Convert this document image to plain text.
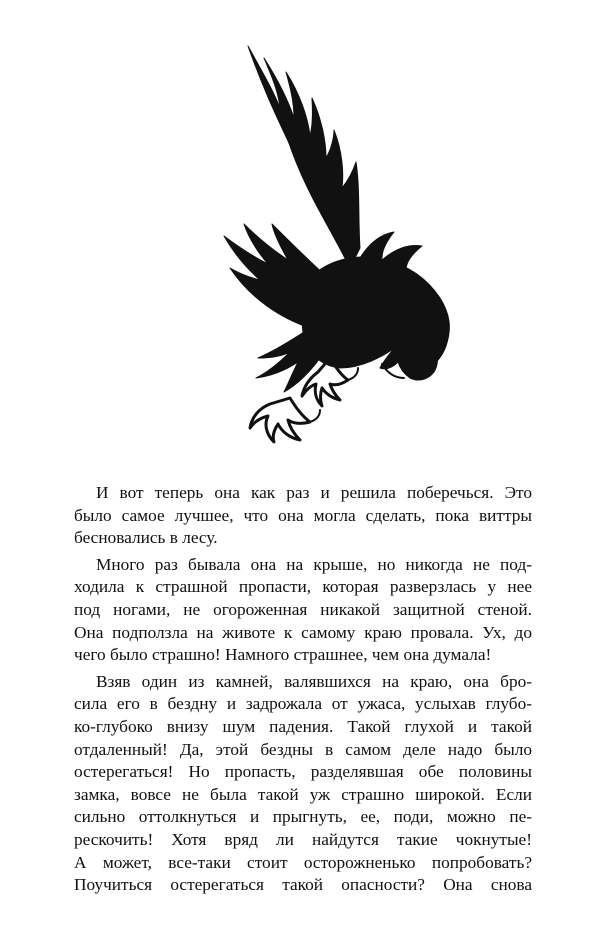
И вот теперь она как раз и решила поберечься. Это
было самое лучшее, что она могла сделать, пока виттры
бесновались в лесу.
Много раз бывала она на крыше, но никогда не под-
ходила к страшной пропасти, которая разверзлась у нее
под ногами, не огороженная никакой защитной стеной.
Она подползла на животе к самому краю провала. Ух, до
чего было страшно! Намного страшнее, чем она думала!
Взяв один из камней, валявшихся на краю, она бро-
сила его в бездну и задрожала от ужаса, услыхав глубо-
ко-глубоко внизу шум падения. Такой глухой и такой
отдаленный! Да, этой бездны в самом деле надо было
остерегаться! Но пропасть, разделявшая обе половины
замка, вовсе не была такой уж страшно широкой. Если
сильно оттолкнуться и прыгнуть, ее, поди, можно пе-
рескочить! Хотя вряд ли найдутся такие чокнутые!
А может, все-таки стоит осторожненько попробовать?
Поучиться остерегаться такой опасности? Она снова
